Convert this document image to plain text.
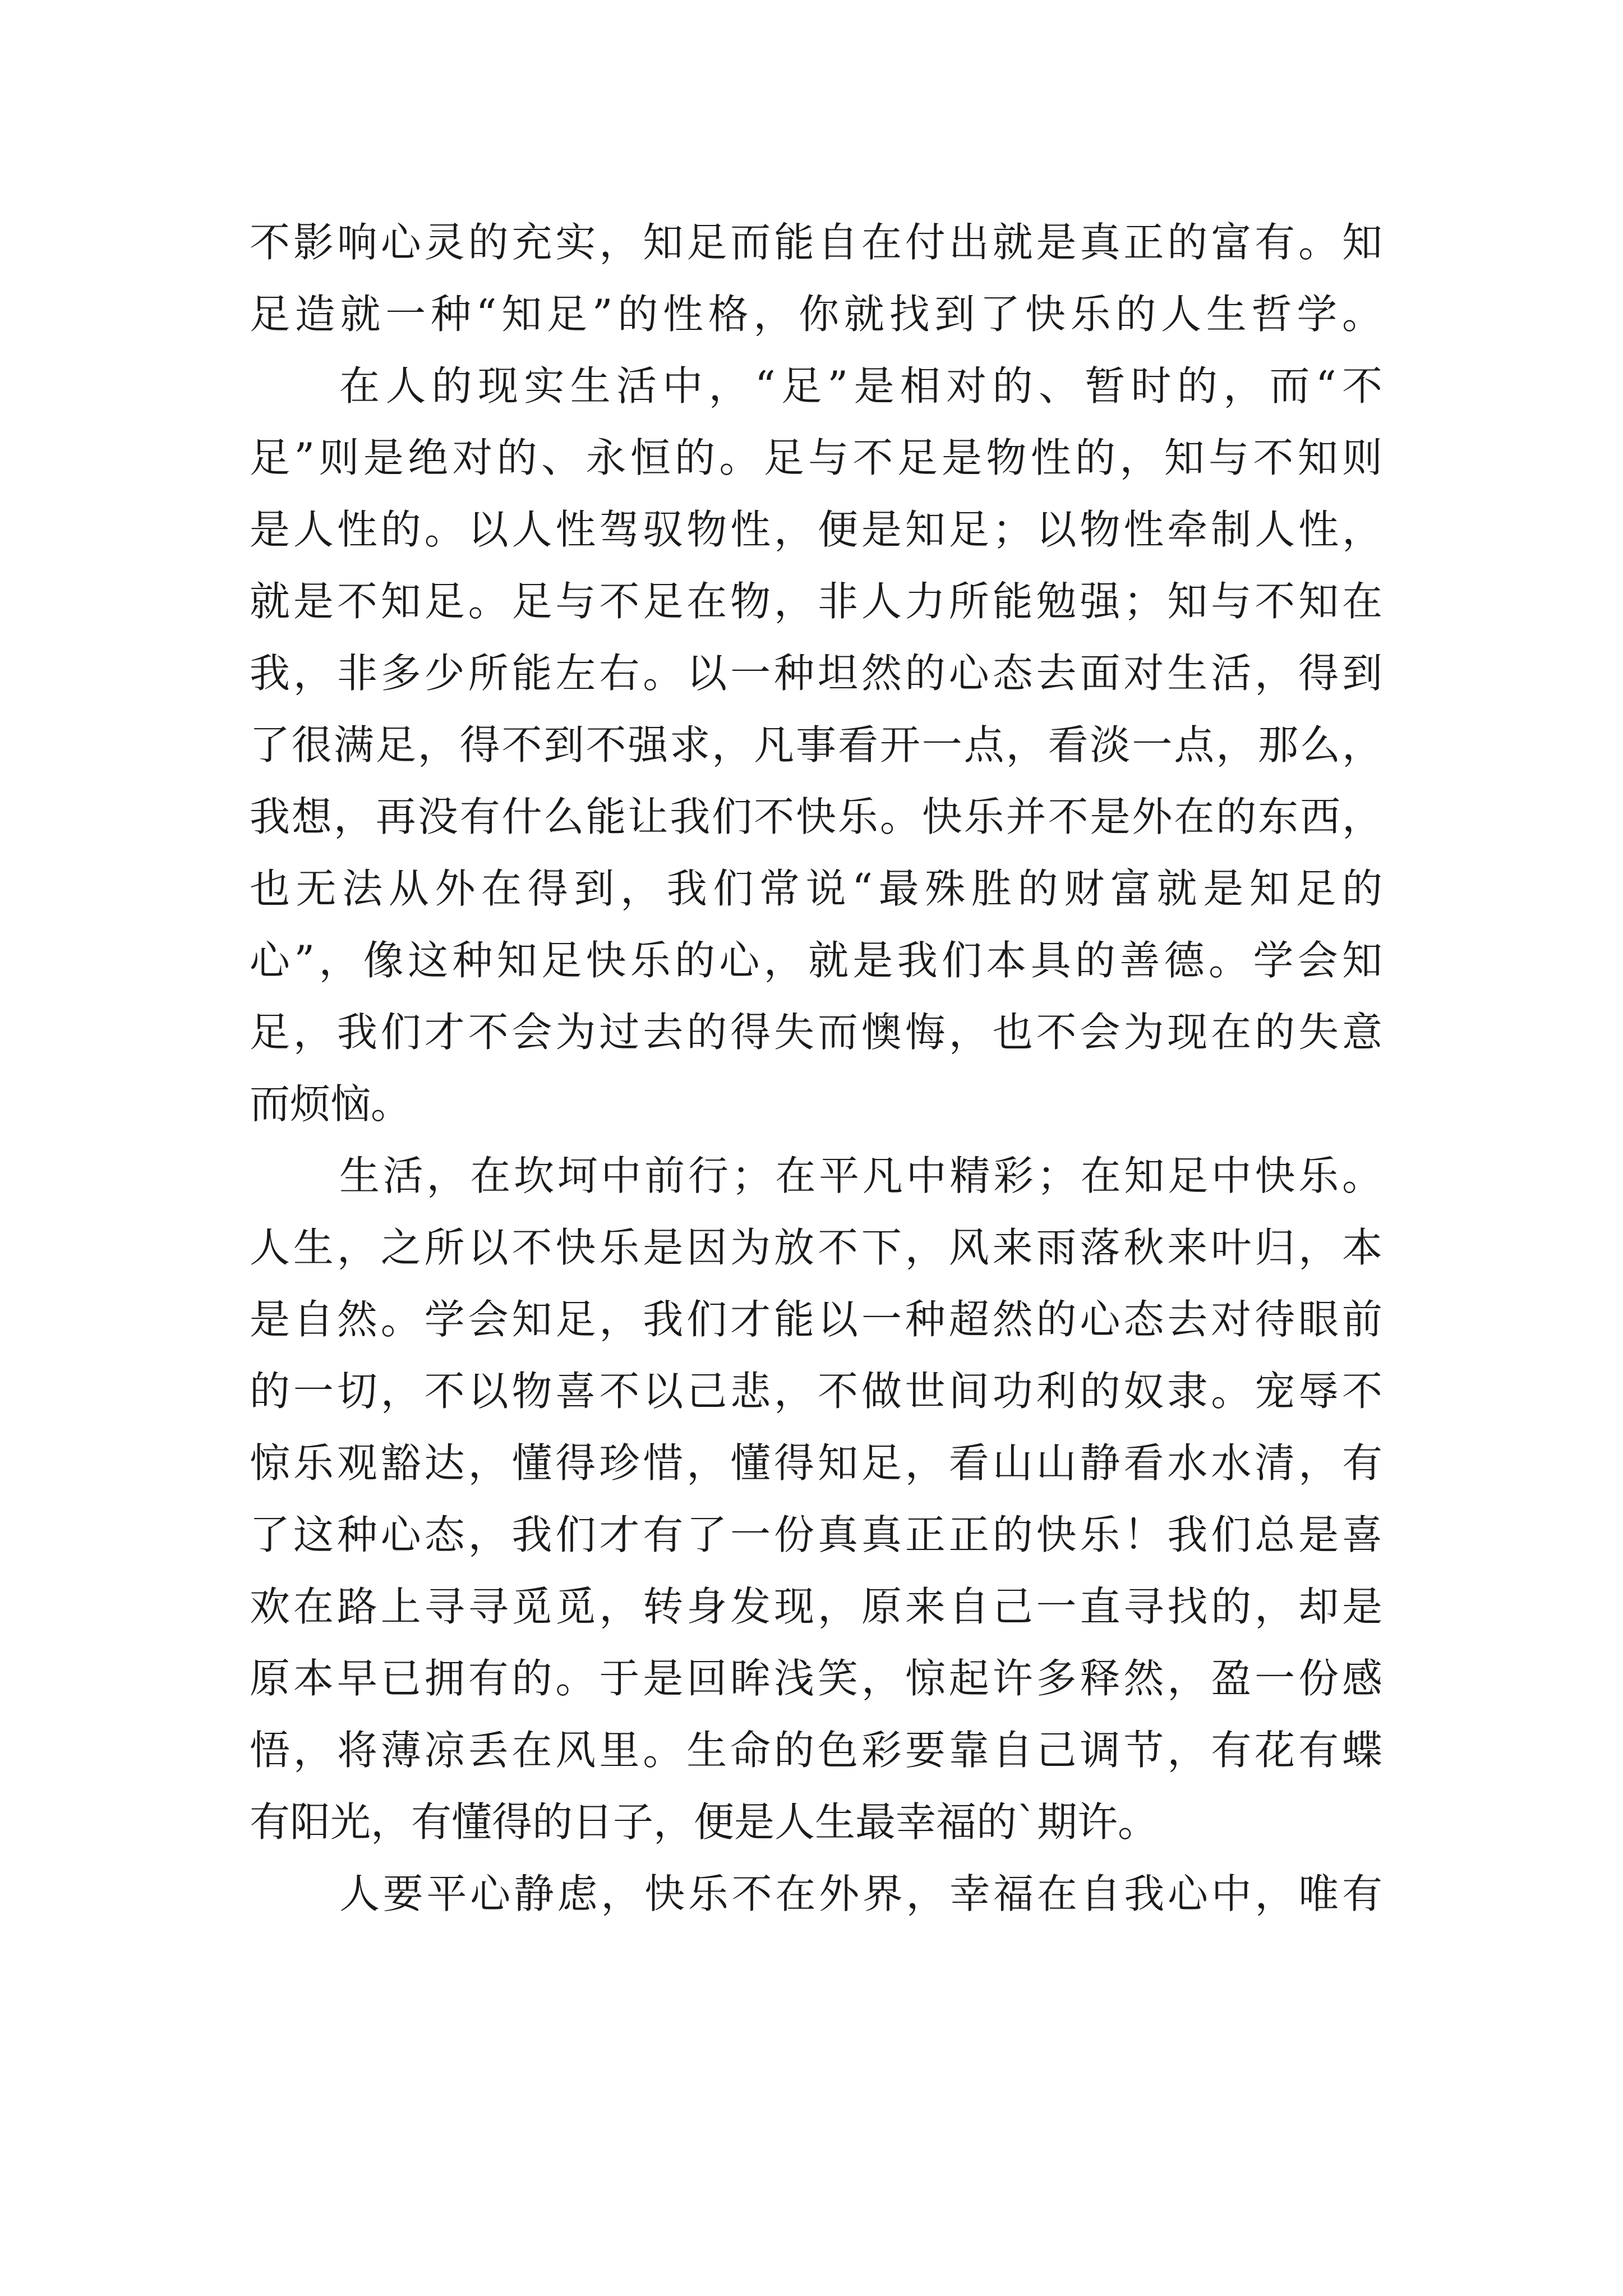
不影响心灵的充实，知足而能自在付出就是真正的富有。知
足造就一种“知足”的性格，你就找到了快乐的人生哲学。
在人的现实生活中，“足”是相对的、暂时的，而“不
足”则是绝对的、永恒的。足与不足是物性的，知与不知则
是人性的。以人性驾驭物性，便是知足；以物性牵制人性，
就是不知足。足与不足在物，非人力所能勉强；知与不知在
我，非多少所能左右。以一种坦然的心态去面对生活，得到
了很满足，得不到不强求，凡事看开一点，看淡一点，那么，
我想，再没有什么能让我们不快乐。快乐并不是外在的东西，
也无法从外在得到，我们常说“最殊胜的财富就是知足的
心”，像这种知足快乐的心，就是我们本具的善德。学会知
足，我们才不会为过去的得失而懊悔，也不会为现在的失意
而烦恼。
生活，在坎坷中前行；在平凡中精彩；在知足中快乐。
人生，之所以不快乐是因为放不下，风来雨落秋来叶归，本
是自然。学会知足，我们才能以一种超然的心态去对待眼前
的一切，不以物喜不以己悲，不做世间功利的奴隶。宠辱不
惊乐观豁达，懂得珍惜，懂得知足，看山山静看水水清，有
了这种心态，我们才有了一份真真正正的快乐！我们总是喜
欢在路上寻寻觅觅，转身发现，原来自己一直寻找的，却是
原本早已拥有的。于是回眸浅笑，惊起许多释然，盈一份感
悟，将薄凉丢在风里。生命的色彩要靠自己调节，有花有蝶
有阳光，有懂得的日子，便是人生最幸福的`期许。
人要平心静虑，快乐不在外界，幸福在自我心中，唯有
